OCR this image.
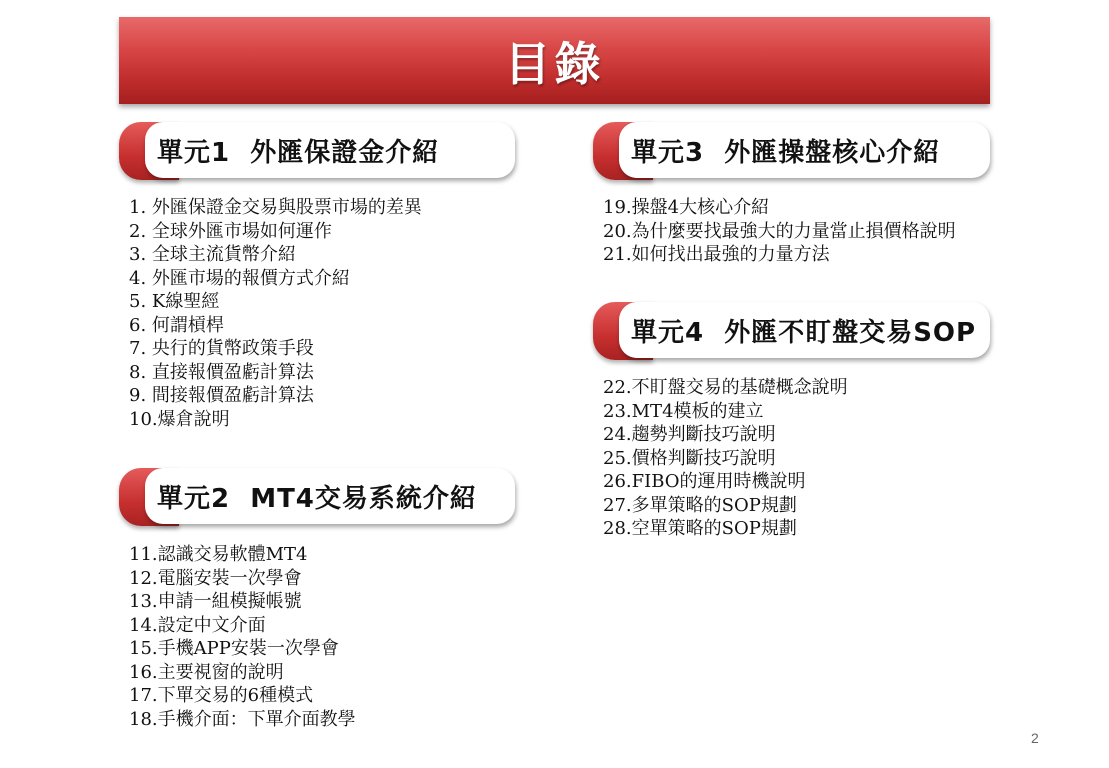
目錄
單元1  外匯保證金介紹
1. 外匯保證金交易與股票市場的差異
2. 全球外匯市場如何運作
3. 全球主流貨幣介紹
4. 外匯市場的報價方式介紹
5. K線聖經
6. 何謂槓桿
7. 央行的貨幣政策手段
8. 直接報價盈虧計算法
9. 間接報價盈虧計算法
10.爆倉說明
單元2  MT4交易系統介紹
11.認識交易軟體MT4
12.電腦安裝一次學會
13.申請一組模擬帳號
14.設定中文介面
15.手機APP安裝一次學會
16.主要視窗的說明
17.下單交易的6種模式
18.手機介面：下單介面教學
單元3  外匯操盤核心介紹
19.操盤4大核心介紹
20.為什麼要找最強大的力量當止損價格說明
21.如何找出最強的力量方法
單元4  外匯不盯盤交易SOP
22.不盯盤交易的基礎概念說明
23.MT4模板的建立
24.趨勢判斷技巧說明
25.價格判斷技巧說明
26.FIBO的運用時機說明
27.多單策略的SOP規劃
28.空單策略的SOP規劃
2
